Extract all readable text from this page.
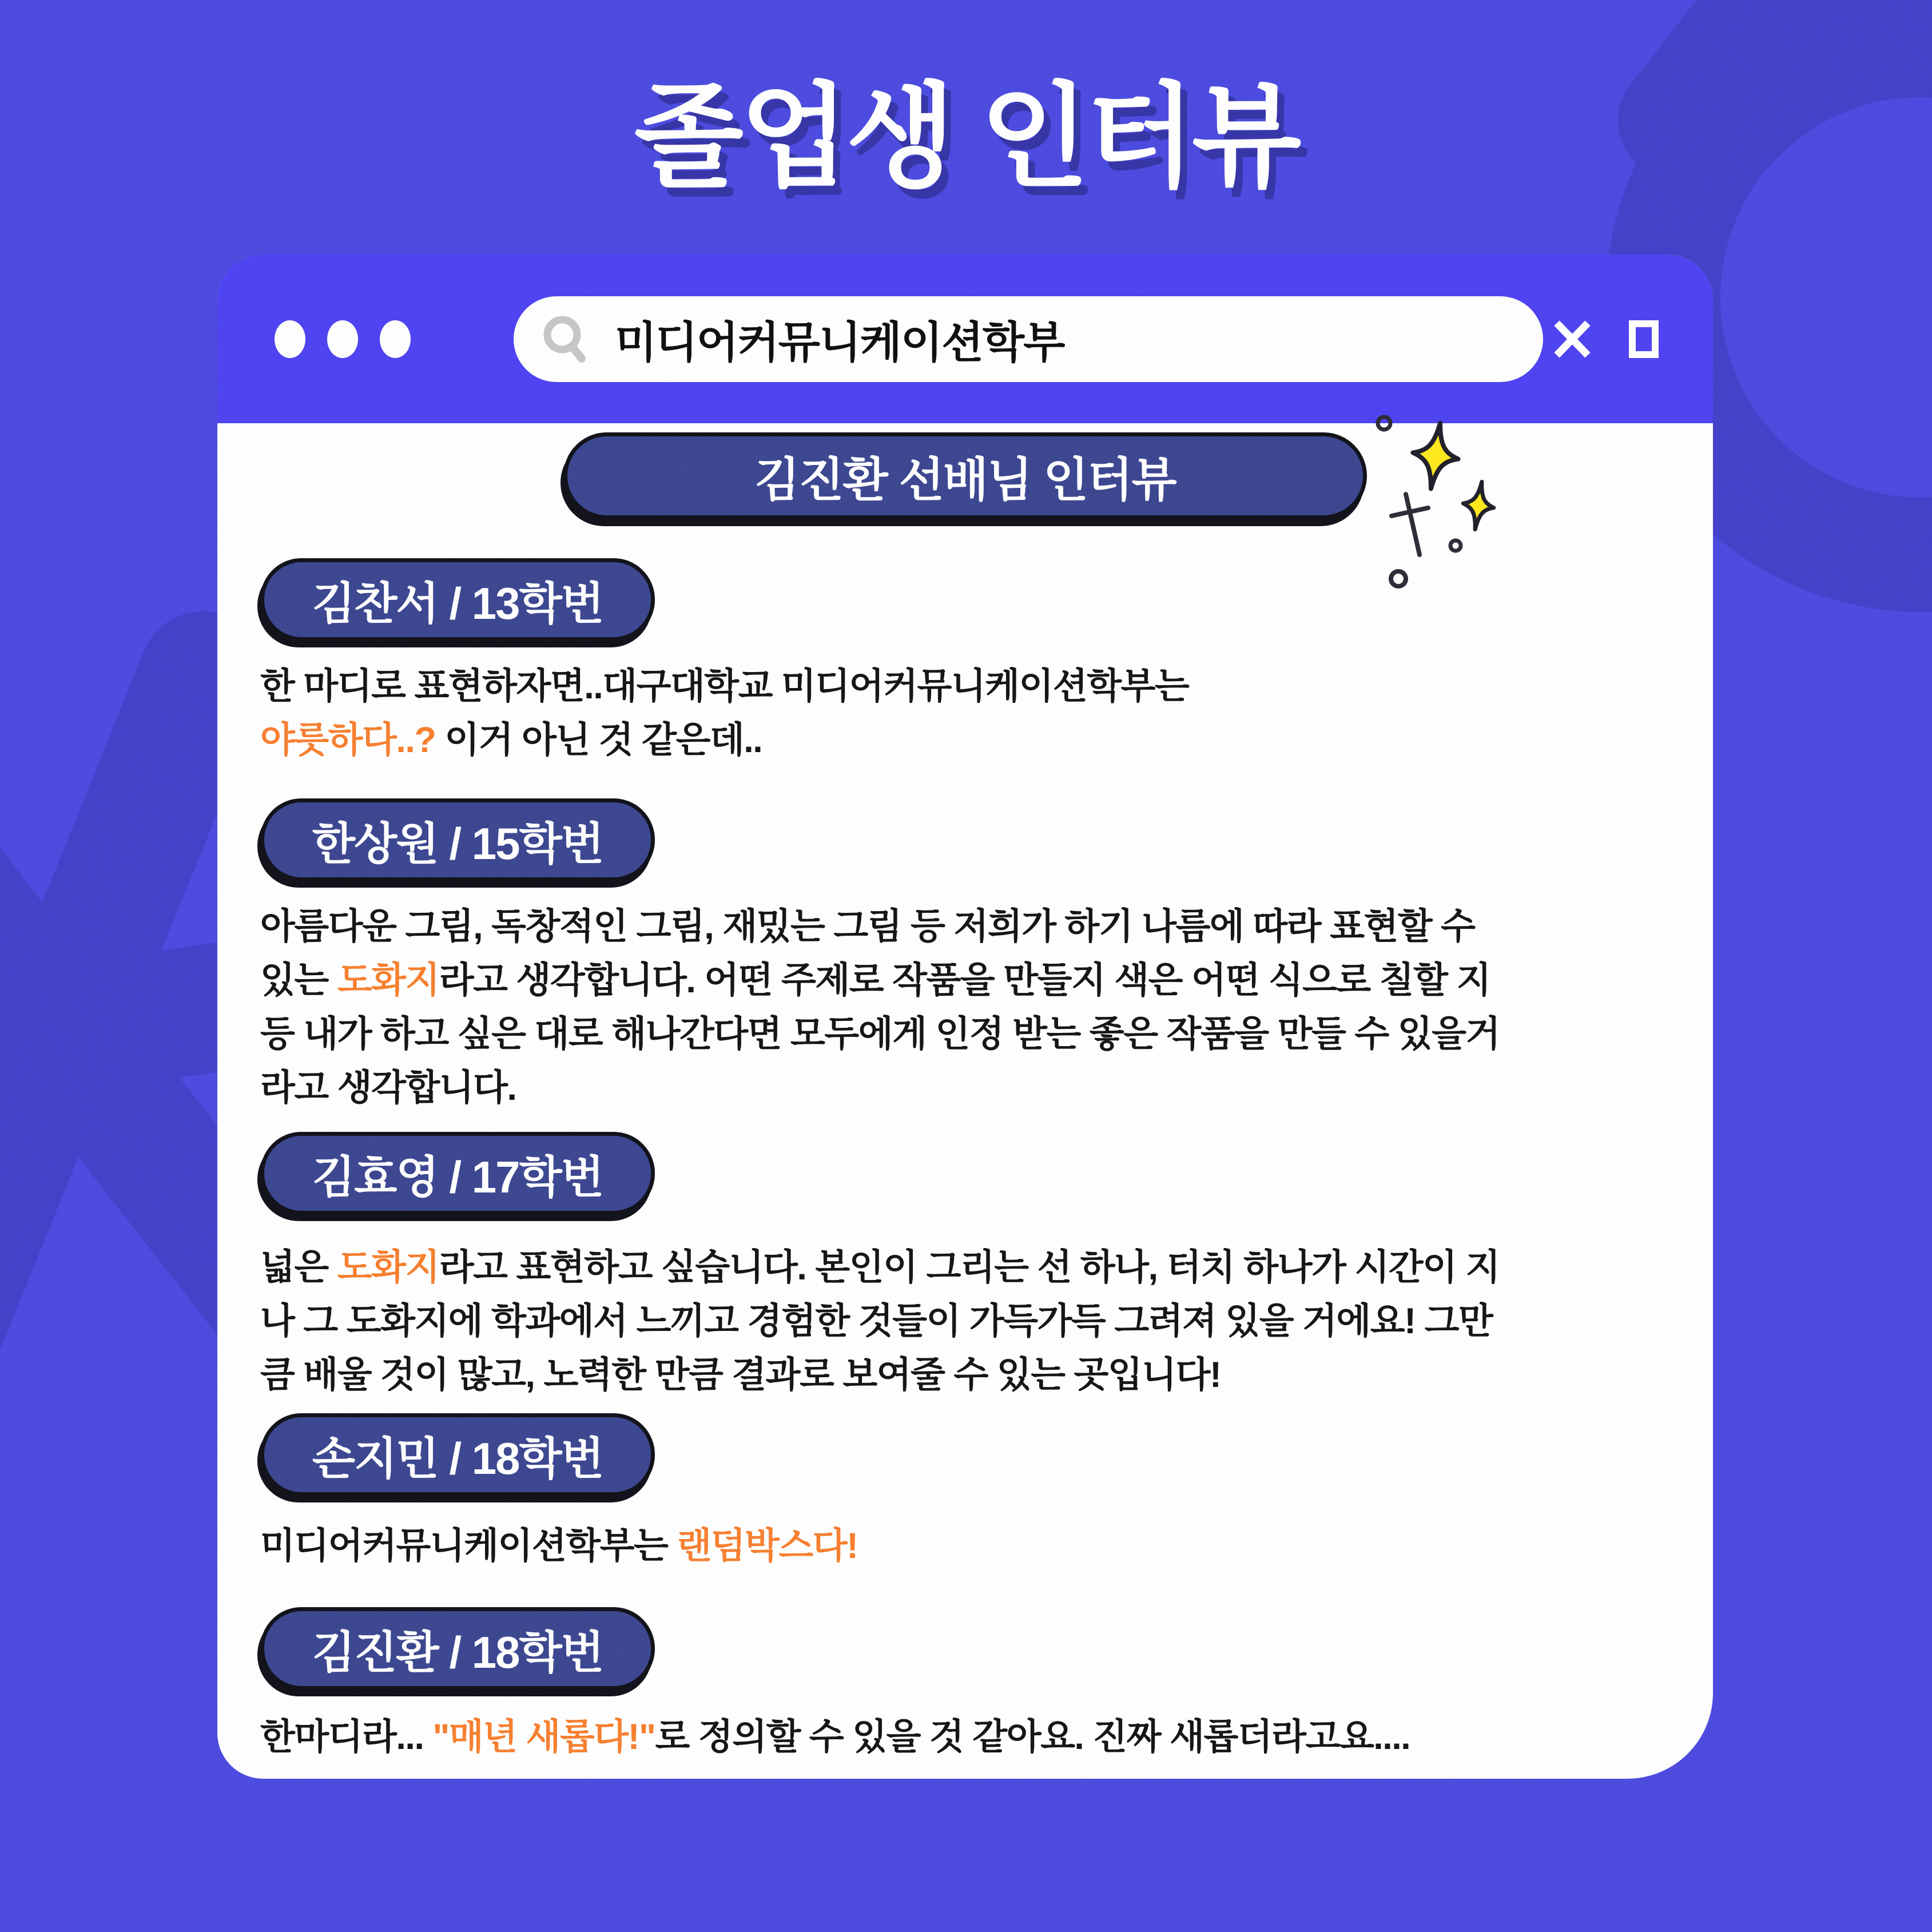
졸업생 인터뷰
미디어커뮤니케이션학부
김진환 선배님 인터뷰
김찬서 / 13학번
한 마디로 표현하자면..대구대학교 미디어커뮤니케이션학부는
야릇하다..? 이거 아닌 것 같은데..
한상원 / 15학번
아름다운 그림, 독창적인 그림, 재밌는 그림 등 저희가 하기 나름에 따라 표현할 수
있는 도화지라고 생각합니다. 어떤 주제로 작품을 만들지 색은 어떤 식으로 칠할 지
등 내가 하고 싶은 대로 해나간다면 모두에게 인정 받는 좋은 작품을 만들 수 있을거
라고 생각합니다.
김효영 / 17학번
넓은 도화지라고 표현하고 싶습니다. 본인이 그리는 선 하나, 터치 하나가 시간이 지
나 그 도화지에 학과에서 느끼고 경험한 것들이 가득가득 그려져 있을 거에요! 그만
큼 배울 것이 많고, 노력한 만큼 결과로 보여줄 수 있는 곳입니다!
손지민 / 18학번
미디어커뮤니케이션학부는 랜덤박스다!
김진환 / 18학번
한마디라... "매년 새롭다!"로 정의할 수 있을 것 같아요. 진짜 새롭더라고요....
